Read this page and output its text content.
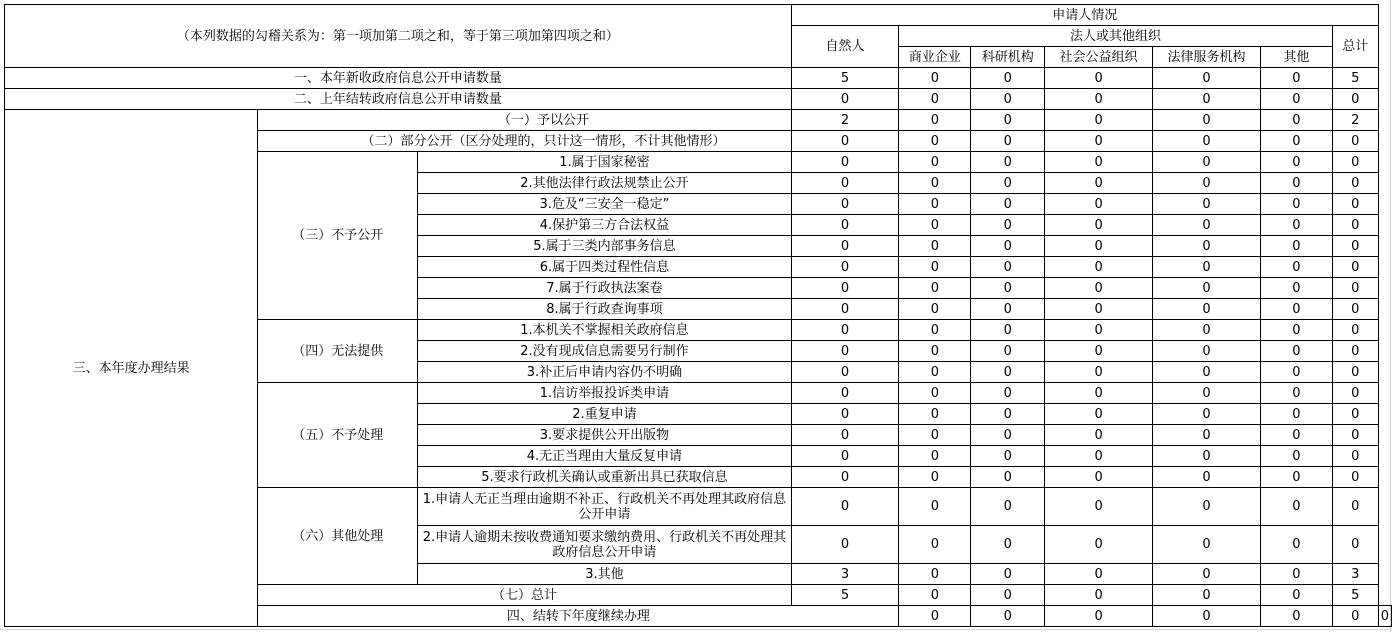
（本列数据的勾稽关系为：第一项加第二项之和，等于第三项加第四项之和）			申请人情况							
			自然人	法人或其他组织					总计	
				商业企业	科研机构	社会公益组织	法律服务机构	其他		
一、本年新收政府信息公开申请数量			5	0	0	0	0	0	5	
二、上年结转政府信息公开申请数量			0	0	0	0	0	0	0	
三、本年度办理结果	（一）予以公开		2	0	0	0	0	0	2	
	（二）部分公开（区分处理的，只计这一情形，不计其他情形）		0	0	0	0	0	0	0	
	（三）不予公开	1.属于国家秘密	0	0	0	0	0	0	0	
		2.其他法律行政法规禁止公开	0	0	0	0	0	0	0	
		3.危及“三安全一稳定”	0	0	0	0	0	0	0	
		4.保护第三方合法权益	0	0	0	0	0	0	0	
		5.属于三类内部事务信息	0	0	0	0	0	0	0	
		6.属于四类过程性信息	0	0	0	0	0	0	0	
		7.属于行政执法案卷	0	0	0	0	0	0	0	
		8.属于行政查询事项	0	0	0	0	0	0	0	
	（四）无法提供	1.本机关不掌握相关政府信息	0	0	0	0	0	0	0	
		2.没有现成信息需要另行制作	0	0	0	0	0	0	0	
		3.补正后申请内容仍不明确	0	0	0	0	0	0	0	
	（五）不予处理	1.信访举报投诉类申请	0	0	0	0	0	0	0	
		2.重复申请	0	0	0	0	0	0	0	
		3.要求提供公开出版物	0	0	0	0	0	0	0	
		4.无正当理由大量反复申请	0	0	0	0	0	0	0	
		5.要求行政机关确认或重新出具已获取信息	0	0	0	0	0	0	0	
	（六）其他处理	1.申请人无正当理由逾期不补正、行政机关不再处理其政府信息公开申请	0	0	0	0	0	0	0	
		2.申请人逾期未按收费通知要求缴纳费用、行政机关不再处理其政府信息公开申请	0	0	0	0	0	0	0	
		3.其他	3	0	0	0	0	0	3	
	（七）总计		5	0	0	0	0	0	5	
	四、结转下年度继续办理			0	0	0	0	0	0	0
